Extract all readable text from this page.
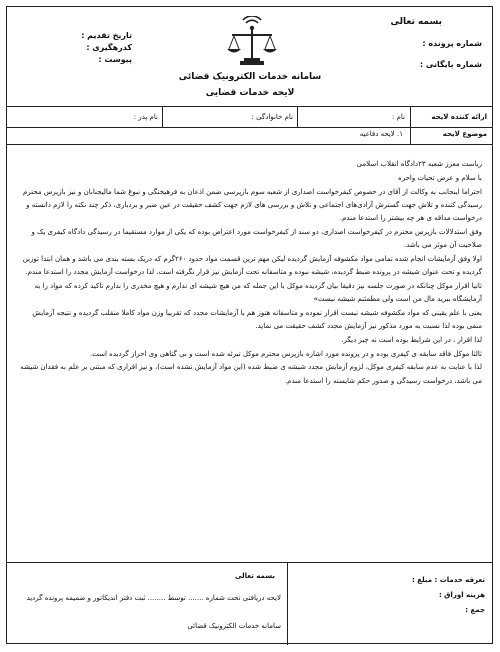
بسمه تعالی
شماره پرونده :
شماره بایگانی :
تاریخ تقدیم :
کدرهگیری :
پیوست :
سامانه خدمات الکترونیک قضائی
لایحه خدمات قضایی
ارائه کننده لایحه
نام :
نام خانوادگی :
نام پدر :
موضوع لایحه
۱. لایحه دفاعیه

ریاست معزز شعبه ۲۳دادگاه انقلاب اسلامی

با سلام و عرض تحیات واحره

احتراما اینجانب به وکالت از آقای در خصوص کیفرخواست اصداری از شعبه سوم بازپرسی ضمن اذعان به فرهیختگی و نبوغ شما مالیجنابان و نیز بازپرس محترم رسیدگی کننده و تلاش جهت گسترش آزادی‌های اجتماعی و تلاش و بررسی های لازم جهت کشف حقیقت در عین صبر و بردباری، ذکر چند نکته را لازم دانسته و درخواست مداقه ی هر چه بیشتر را استدعا مندم.

وفق استدلالات بازپرس محترم در کیفرخواست اصداری، دو سند از کیفرخواست مورد اعتراض بوده که یکی از موارد مستقیما در رسیدگی دادگاه کیفری یک و صلاحیت آن موثر می باشد.

اولا وفق آزمایشات انجام شده تمامی مواد مکشوفه آزمایش گردیده لیکن مهم ترین قسمت مواد حدود ۲۶۰گرم که دریک بسته بندی می باشد و همان ابتدا توزین گردیده و تحت عنوان شیشه در پرونده ضبط گردیده، شیشه نبوده و متاسفانه تحت آزمایش نیز قرار نگرفته است. لذا درخواست آزمایش مجدد را استدعا مندم.

ثانیا اقرار موکل چنانکه در صورت جلسه نیز دقیقا بیان گردیده موکل با این جمله که من هیچ شیشه ای ندارم و هیچ مخدری را ندارم تاکید کرده که مواد را به آزمایشگاه ببرید مال من است ولی مطمئنم شیشه نیست»

یعنی با علم یقینی که مواد مکشوفه شیشه نیست اقرار نموده و متاسفانه هنوز هم با آزمایشات مجدد که تقریبا وزن مواد کاملا منقلب گردیده و نتیجه آزمایش منفی بوده لذا نسبت به مورد مذکور نیز آزمایش مجدد کشف حقیقت می نماید.

لذا اقرار ، در این شرایط بوده است نه چیز دیگر.

ثالثا موکل فاقد سابقه ی کیفری بوده و در پرونده مورد اشاره بازپرس محترم موکل تبرئه شده است و بی گناهی وی احراز گردیده است.

لذا با عنایت به عدم سابقه کیفری موکل، لزوم آزمایش مجدد شیشه ی ضبط شده (این مواد آزمایش نشده است)، و نیز اقراری که مبتنی بر علم به فقدان شیشه می باشد، درخواست رسیدگی و صدور حکم شایسته را استدعا مندم.

تعرفه خدمات : مبلغ :
هزینه اوراق :
جمع :
بسمه تعالی
لایحه دریافتی تحت شماره ....... توسط ........ ثبت دفتر اندیکاتور و ضمیمه پرونده گردید
سامانه خدمات الکترونیک قضائی
